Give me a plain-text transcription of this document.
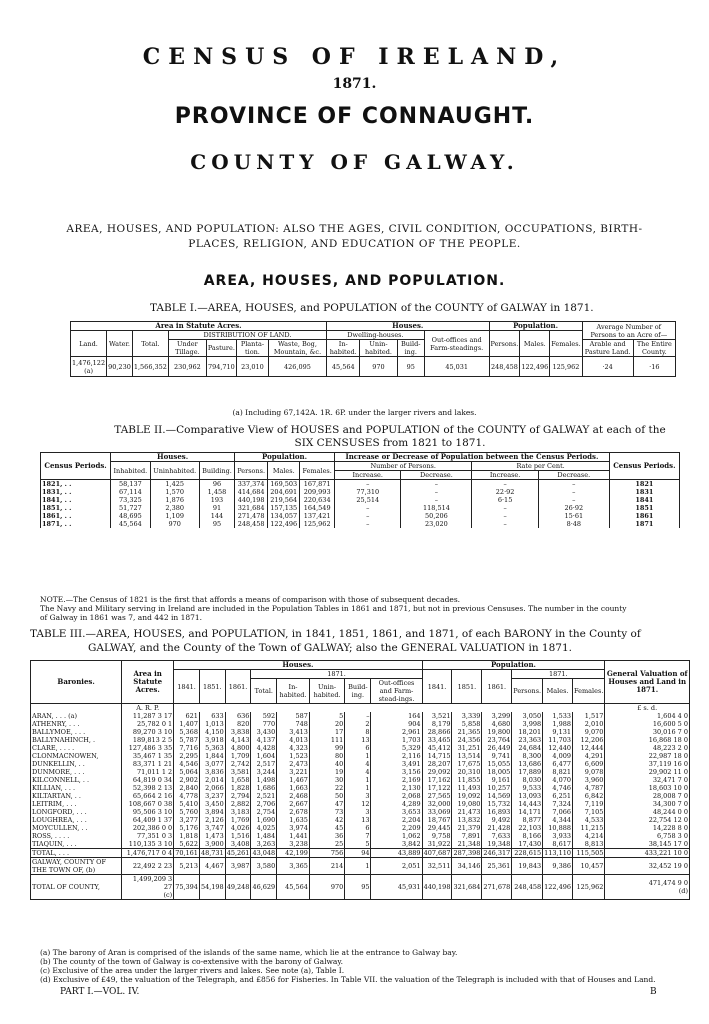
CENSUS OF IRELAND,
1871.
PROVINCE OF CONNAUGHT.
COUNTY OF GALWAY.
AREA, HOUSES, AND POPULATION: ALSO THE AGES, CIVIL CONDITION, OCCUPATIONS, BIRTH-
PLACES, RELIGION, AND EDUCATION OF THE PEOPLE.
AREA, HOUSES, AND POPULATION.
TABLE I.—AREA, HOUSES, and POPULATION of the COUNTY of GALWAY in 1871.
Area in Statute Acres.							Houses.				Population.			Average Number of Persons to an Acre of—	
Land.	Water.	Total.	DISTRIBUTION OF LAND.				Dwelling-houses.			Out-offices and Farm-steadings.	Persons.	Males.	Females.		
			Under Tillage.	Pasture.	Planta-tion.	Waste, Bog, Mountain, &c.	In-habited.	Unin-habited.	Build-ing.					Arable and Pasture Land.	The Entire County.

1,476,122
(a)	90,230	1,566,352	230,962	794,710	23,010	426,095	45,564	970	95	45,031	248,458	122,496	125,962	·24	·16
(a) Including 67,142A. 1R. 6P. under the larger rivers and lakes.
TABLE II.—Comparative View of HOUSES and POPULATION of the COUNTY of GALWAY at each of the
SIX CENSUSES from 1821 to 1871.
Census Periods.	Houses.			Population.			Increase or Decrease of Population between the Census Periods.				Census Periods.
	Inhabited.	Uninhabited.	Building.	Persons.	Males.	Females.	Number of Persons.		Rate per Cent.		
							Increase.	Decrease.	Increase.	Decrease.	
1821, . .	58,137	1,425	96	337,374	169,503	167,871	–	–	–	–	1821
1831, . .	67,114	1,570	1,458	414,684	204,691	209,993	77,310	–	22·92	–	1831
1841, . .	73,325	1,876	193	440,198	219,564	220,634	25,514	–	6·15	–	1841
1851, . .	51,727	2,380	91	321,684	157,135	164,549	–	118,514	–	26·92	1851
1861, . .	48,695	1,109	144	271,478	134,057	137,421	–	50,206	–	15·61	1861
1871, . .	45,564	970	95	248,458	122,496	125,962	–	23,020	–	8·48	1871
NOTE.—The Census of 1821 is the first that affords a means of comparison with those of subsequent decades.
The Navy and Military serving in Ireland are included in the Population Tables in 1861 and 1871, but not in previous Censuses. The number in the county
of Galway in 1861 was 7, and 442 in 1871.
TABLE III.—AREA, HOUSES, and POPULATION, in 1841, 1851, 1861, and 1871, of each BARONY in the County of
GALWAY, and the County of the Town of GALWAY; also the GENERAL VALUATION in 1871.
Baronies.	Area in Statute Acres.	Houses.								Population.						General Valuation of Houses and Land in 1871.
		1841.	1851.	1861.	1871.					1841.	1851.	1861.	1871.			
					Total.	In-habited.	Unin-habited.	Build-ing.	Out-offices and Farm-stead-ings.				Persons.	Males.	Females.	
	A. R. P.															£ s. d.
ARAN, . . . (a)	11,287 3 17	621	633	636	592	587	5	–	164	3,521	3,339	3,299	3,050	1,533	1,517	1,604 4 0
ATHENRY, . . .	25,782 0 1	1,407	1,013	820	770	748	20	2	904	8,179	5,858	4,680	3,998	1,988	2,010	16,600 5 0
BALLYMOE, . . .	89,270 3 10	5,368	4,150	3,838	3,430	3,413	17	8	2,961	28,866	21,365	19,800	18,201	9,131	9,070	30,016 7 0
BALLYNAHINCH, .	189,813 2 5	5,787	3,918	4,143	4,137	4,013	111	13	1,703	33,465	24,356	23,764	23,363	11,703	12,206	16,868 18 0
CLARE, . . . .	127,486 3 35	7,716	5,363	4,800	4,428	4,323	99	6	5,329	45,412	31,251	26,449	24,684	12,440	12,444	48,223 2 0
CLONMACNOWEN,	35,467 1 35	2,295	1,844	1,709	1,604	1,523	80	1	2,116	14,715	13,514	9,741	8,300	4,009	4,291	22,987 18 0
DUNKELLIN, . .	83,371 1 21	4,546	3,077	2,742	2,517	2,473	40	4	3,491	28,207	17,675	15,055	13,686	6,477	6,609	37,119 16 0
DUNMORE, . . .	71,011 1 2	5,064	3,836	3,581	3,244	3,221	19	4	3,156	29,092	20,310	18,005	17,889	8,821	9,078	29,902 11 0
KILCONNELL, . .	64,819 0 34	2,902	2,014	1,658	1,498	1,467	30	1	2,169	17,162	11,855	9,161	8,030	4,070	3,960	32,471 7 0
KILLIAN, . . .	52,398 2 13	2,840	2,066	1,828	1,686	1,663	22	1	2,130	17,122	11,493	10,257	9,533	4,746	4,787	18,603 10 0
KILTARTAN, . .	65,664 2 16	4,778	3,237	2,794	2,521	2,468	50	3	2,068	27,565	19,092	14,569	13,093	6,251	6,842	28,008 7 0
LEITRIM, . . .	108,667 0 38	5,410	3,450	2,882	2,706	2,667	47	12	4,289	32,000	19,080	15,732	14,443	7,324	7,119	34,300 7 0
LONGFORD, . . .	95,506 3 10	5,760	3,894	3,183	2,754	2,678	73	3	3,653	33,069	21,473	16,893	14,171	7,066	7,105	48,244 0 0
LOUGHREA, . . .	64,409 1 37	3,277	2,126	1,769	1,690	1,635	42	13	2,204	18,767	13,832	9,492	8,877	4,344	4,533	22,754 12 0
MOYCULLEN, . .	202,386 0 0	5,176	3,747	4,026	4,025	3,974	45	6	2,209	29,445	21,379	21,428	22,103	10,888	11,215	14,228 8 0
ROSS, . . . .	77,351 0 3	1,818	1,473	1,516	1,484	1,441	36	7	1,062	9,758	7,891	7,633	8,166	3,933	4,214	6,758 3 0
TIAQUIN, . . .	110,135 3 10	5,622	3,900	3,408	3,263	3,238	25	5	3,842	31,922	21,348	19,348	17,430	8,617	8,813	38,145 17 0
TOTAL, . . .	1,476,717 0 4	70,161	48,731	45,261	43,048	42,199	756	94	43,889	407,687	287,398	246,317	228,615	113,110	115,505	433,221 10 0
GALWAY, COUNTY OF THE TOWN OF, (b)	22,492 2 23	5,213	4,467	3,987	3,580	3,365	214	1	2,051	32,511	34,146	25,361	19,843	9,386	10,457	32,452 19 0
TOTAL OF COUNTY,	1,499,209 3 27
(c)	75,394	54,198	49,248	46,629	45,564	970	95	45,931	440,198	321,684	271,678	248,458	122,496	125,962	471,474 9 0
(d)
(a) The barony of Aran is comprised of the islands of the same name, which lie at the entrance to Galway bay.
(b) The county of the town of Galway is co-extensive with the barony of Galway.
(c) Exclusive of the area under the larger rivers and lakes. See note (a), Table I.
(d) Exclusive of £49, the valuation of the Telegraph, and £856 for Fisheries. In Table VII. the valuation of the Telegraph is included with that of Houses and Land.
PART I.—VOL. IV.	B
